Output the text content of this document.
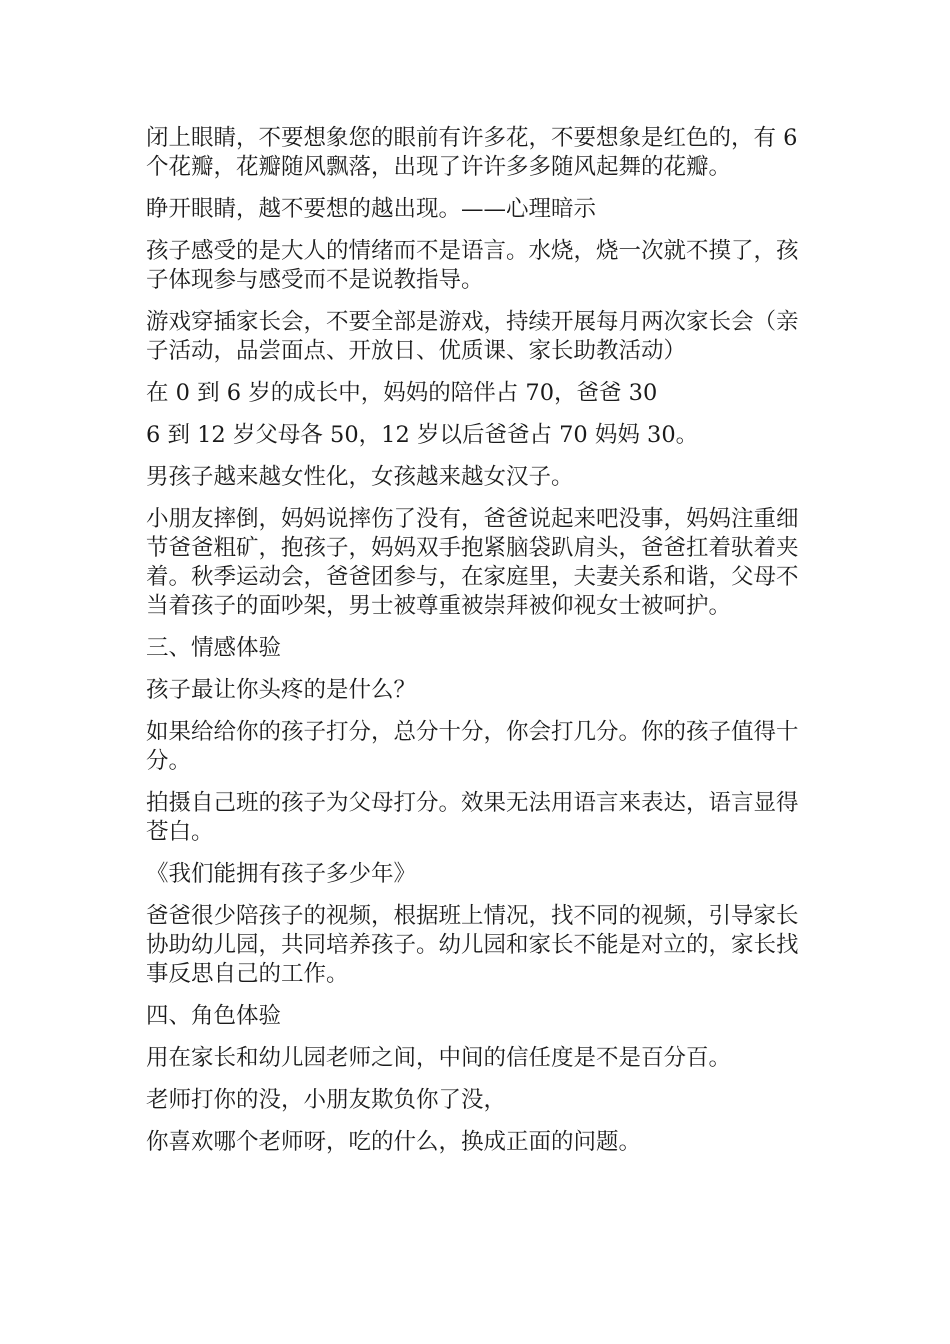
闭上眼睛，不要想象您的眼前有许多花，不要想象是红色的，有 6 个花瓣，花瓣随风飘落，出现了许许多多随风起舞的花瓣。

睁开眼睛，越不要想的越出现。——心理暗示

孩子感受的是大人的情绪而不是语言。水烧，烧一次就不摸了，孩子体现参与感受而不是说教指导。

游戏穿插家长会，不要全部是游戏，持续开展每月两次家长会（亲子活动，品尝面点、开放日、优质课、家长助教活动）

在 0 到 6 岁的成长中，妈妈的陪伴占 70，爸爸 30

6 到 12 岁父母各 50，12 岁以后爸爸占 70 妈妈 30。

男孩子越来越女性化，女孩越来越女汉子。

小朋友摔倒，妈妈说摔伤了没有，爸爸说起来吧没事，妈妈注重细节爸爸粗矿，抱孩子，妈妈双手抱紧脑袋趴肩头，爸爸扛着驮着夹着。秋季运动会，爸爸团参与，在家庭里，夫妻关系和谐，父母不当着孩子的面吵架，男士被尊重被崇拜被仰视女士被呵护。

三、情感体验

孩子最让你头疼的是什么？

如果给给你的孩子打分，总分十分，你会打几分。你的孩子值得十分。

拍摄自己班的孩子为父母打分。效果无法用语言来表达，语言显得苍白。

《我们能拥有孩子多少年》

爸爸很少陪孩子的视频，根据班上情况，找不同的视频，引导家长协助幼儿园，共同培养孩子。幼儿园和家长不能是对立的，家长找事反思自己的工作。

四、角色体验

用在家长和幼儿园老师之间，中间的信任度是不是百分百。

老师打你的没，小朋友欺负你了没，

你喜欢哪个老师呀，吃的什么，换成正面的问题。
